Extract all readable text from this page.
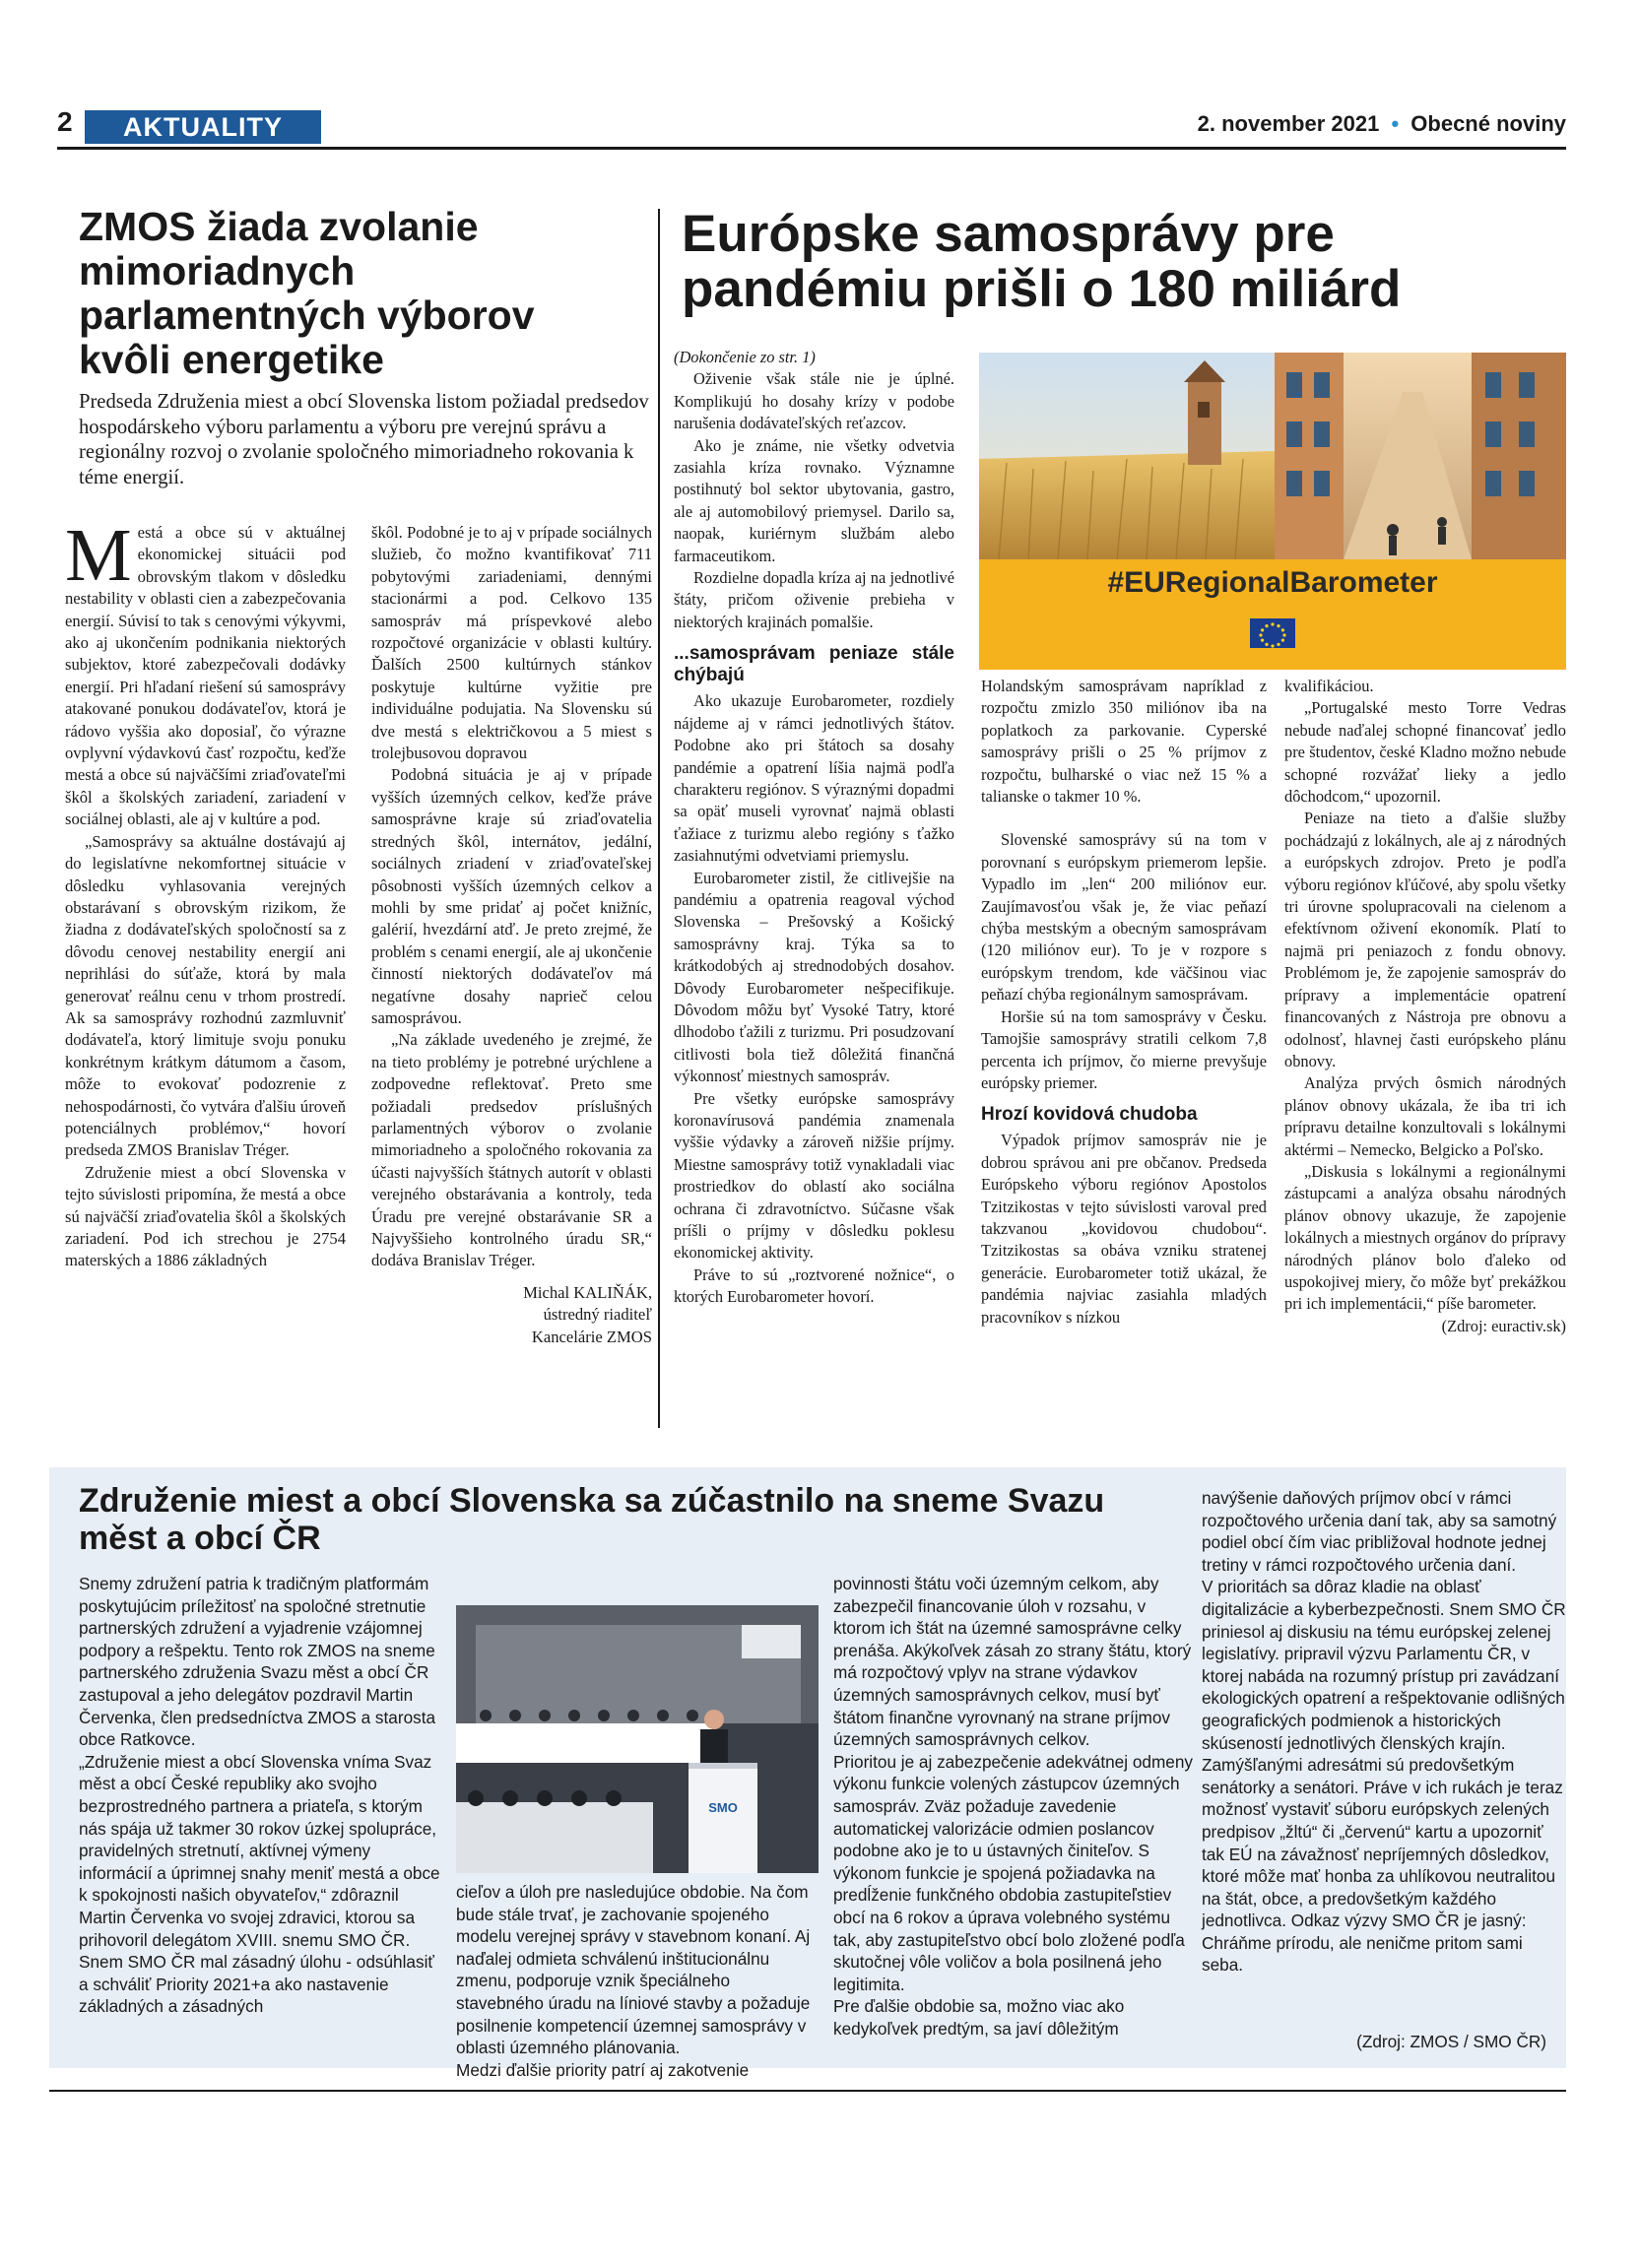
2	AKTUALITY	2. november 2021 • Obecné noviny
ZMOS žiada zvolanie mimoriadnych parlamentných výborov kvôli energetike
Predseda Združenia miest a obcí Slovenska listom požiadal predsedov hospodárskeho výboru parlamentu a výboru pre verejnú správu a regionálny rozvoj o zvolanie spoločného mimoriadneho rokovania k téme energií.
M está a obce sú v aktuálnej ekonomickej situácii pod obrovským tlakom v dôsledku nestability v oblasti cien a zabezpečovania energií. Súvisí to tak s cenovými výkyvmi, ako aj ukončením podnikania niektorých subjektov, ktoré zabezpečovali dodávky energií. Pri hľadaní riešení sú samosprávy atakované ponukou dodávateľov, ktorá je rádovo vyššia ako doposiaľ, čo výrazne ovplyvní výdavkovú časť rozpočtu, keďže mestá a obce sú najväčšími zriaďovateľmi škôl a školských zariadení, zariadení v sociálnej oblasti, ale aj v kultúre a pod.

„Samosprávy sa aktuálne dostávajú aj do legislatívne nekomfortnej situácie v dôsledku vyhlasovania verejných obstarávaní s obrovským rizikom, že žiadna z dodávateľských spoločností sa z dôvodu cenovej nestability energií ani neprihlási do súťaže, ktorá by mala generovať reálnu cenu v trhom prostredí. Ak sa samosprávy rozhodnú zazmluvniť dodávateľa, ktorý limituje svoju ponuku konkrétnym krátkym dátumom a časom, môže to evokovať podozrenie z nehospodárnosti, čo vytvára ďalšiu úroveň potenciálnych problémov,“ hovorí predseda ZMOS Branislav Tréger.

Združenie miest a obcí Slovenska v tejto súvislosti pripomína, že mestá a obce sú najväčší zriaďovatelia škôl a školských zariadení. Pod ich strechou je 2754 materských a 1886 základných

škôl. Podobné je to aj v prípade sociálnych služieb, čo možno kvantifikovať 711 pobytovými zariadeniami, dennými stacionármi a pod. Celkovo 135 samospráv má príspevkové alebo rozpočtové organizácie v oblasti kultúry. Ďalších 2500 kultúrnych stánkov poskytuje kultúrne vyžitie pre individuálne podujatia. Na Slovensku sú dve mestá s električkovou a 5 miest s trolejbusovou dopravou

Podobná situácia je aj v prípade vyšších územných celkov, keďže práve samosprávne kraje sú zriaďovatelia stredných škôl, internátov, jedální, sociálnych zriadení v zriaďovateľskej pôsobnosti vyšších územných celkov a mohli by sme pridať aj počet knižníc, galérií, hvezdární atď. Je preto zrejmé, že problém s cenami energií, ale aj ukončenie činností niektorých dodávateľov má negatívne dosahy naprieč celou samosprávou.

„Na základe uvedeného je zrejmé, že na tieto problémy je potrebné urýchlene a zodpovedne reflektovať. Preto sme požiadali predsedov príslušných parlamentných výborov o zvolanie mimoriadneho a spoločného rokovania za účasti najvyšších štátnych autorít v oblasti verejného obstarávania a kontroly, teda Úradu pre verejné obstarávanie SR a Najvyššieho kontrolného úradu SR,“ dodáva Branislav Tréger.

Michal KALIŇÁK,
ústredný riaditeľ
Kancelárie ZMOS
Európske samosprávy pre pandémiu prišli o 180 miliárd

(Dokončenie zo str. 1)

Oživenie však stále nie je úplné. Komplikujú ho dosahy krízy v podobe narušenia dodávateľských reťazcov.

Ako je známe, nie všetky odvetvia zasiahla kríza rovnako. Významne postihnutý bol sektor ubytovania, gastro, ale aj automobilový priemysel. Darilo sa, naopak, kuriérnym službám alebo farmaceutikom.

Rozdielne dopadla kríza aj na jednotlivé štáty, pričom oživenie prebieha v niektorých krajinách pomalšie.

...samosprávam peniaze stále chýbajú

Ako ukazuje Eurobarometer, rozdiely nájdeme aj v rámci jednotlivých štátov. Podobne ako pri štátoch sa dosahy pandémie a opatrení líšia najmä podľa charakteru regiónov. S výraznými dopadmi sa opäť museli vyrovnať najmä oblasti ťažiace z turizmu alebo regióny s ťažko zasiahnutými odvetviami priemyslu.

Eurobarometer zistil, že citlivejšie na pandémiu a opatrenia reagoval východ Slovenska – Prešovský a Košický samosprávny kraj. Týka sa to krátkodobých aj strednodobých dosahov. Dôvody Eurobarometer nešpecifikuje. Dôvodom môžu byť Vysoké Tatry, ktoré dlhodobo ťažili z turizmu. Pri posudzovaní citlivosti bola tiež dôležitá finančná výkonnosť miestnych samospráv.

Pre všetky európske samosprávy koronavírusová pandémia znamenala vyššie výdavky a zároveň nižšie príjmy. Miestne samosprávy totiž vynakladali viac prostriedkov do oblastí ako sociálna ochrana či zdravotníctvo. Súčasne však príšli o príjmy v dôsledku poklesu ekonomickej aktivity.

Práve to sú „roztvorené nožnice“, o ktorých Eurobarometer hovorí.

#EURegionalBarometer

Holandským samosprávam napríklad z rozpočtu zmizlo 350 miliónov iba na poplatkoch za parkovanie. Cyperské samosprávy prišli o 25 % príjmov z rozpočtu, bulharské o viac než 15 % a talianske o takmer 10 %.

Slovenské samosprávy sú na tom v porovnaní s európskym priemerom lepšie. Vypadlo im „len“ 200 miliónov eur. Zaujímavosťou však je, že viac peňazí chýba mestským a obecným samosprávam (120 miliónov eur). To je v rozpore s európskym trendom, kde väčšinou viac peňazí chýba regionálnym samosprávam.

Horšie sú na tom samosprávy v Česku. Tamojšie samosprávy stratili celkom 7,8 percenta ich príjmov, čo mierne prevyšuje európsky priemer.

Hrozí kovidová chudoba

Výpadok príjmov samospráv nie je dobrou správou ani pre občanov. Predseda Európskeho výboru regiónov Apostolos Tzitzikostas v tejto súvislosti varoval pred takzvanou „kovidovou chudobou“. Tzitzikostas sa obáva vzniku stratenej generácie. Eurobarometer totiž ukázal, že pandémia najviac zasiahla mladých pracovníkov s nízkou

kvalifikáciou.

„Portugalské mesto Torre Vedras nebude naďalej schopné financovať jedlo pre študentov, české Kladno možno nebude schopné rozvážať lieky a jedlo dôchodcom,“ upozornil.

Peniaze na tieto a ďalšie služby pochádzajú z lokálnych, ale aj z národných a európskych zdrojov. Preto je podľa výboru regiónov kľúčové, aby spolu všetky tri úrovne spolupracovali na cielenom a efektívnom oživení ekonomík. Platí to najmä pri peniazoch z fondu obnovy. Problémom je, že zapojenie samospráv do prípravy a implementácie opatrení financovaných z Nástroja pre obnovu a odolnosť, hlavnej časti európskeho plánu obnovy.

Analýza prvých ôsmich národných plánov obnovy ukázala, že iba tri ich prípravu detailne konzultovali s lokálnymi aktérmi – Nemecko, Belgicko a Poľsko.

„Diskusia s lokálnymi a regionálnymi zástupcami a analýza obsahu národných plánov obnovy ukazuje, že zapojenie lokálnych a miestnych orgánov do prípravy národných plánov bolo ďaleko od uspokojivej miery, čo môže byť prekážkou pri ich implementácii,“ píše barometer.

(Zdroj: euractiv.sk)

Združenie miest a obcí Slovenska sa zúčastnilo na sneme Svazu měst a obcí ČR

Snemy združení patria k tradičným platformám poskytujúcim príležitosť na spoločné stretnutie partnerských združení a vyjadrenie vzájomnej podpory a rešpektu. Tento rok ZMOS na sneme partnerského združenia Svazu měst a obcí ČR zastupoval a jeho delegátov pozdravil Martin Červenka, člen predsedníctva ZMOS a starosta obce Ratkovce.

„Združenie miest a obcí Slovenska vníma Svaz měst a obcí České republiky ako svojho bezprostredného partnera a priateľa, s ktorým nás spája už takmer 30 rokov úzkej spolupráce, pravidelných stretnutí, aktívnej výmeny informácií a úprimnej snahy meniť mestá a obce k spokojnosti našich obyvateľov,“ zdôraznil Martin Červenka vo svojej zdravici, ktorou sa prihovoril delegátom XVIII. snemu SMO ČR.

Snem SMO ČR mal zásadný úlohu - odsúhlasiť a schváliť Priority 2021+a ako nastavenie základných a zásadných

SMO

cieľov a úloh pre nasledujúce obdobie. Na čom bude stále trvať, je zachovanie spojeného modelu verejnej správy v stavebnom konaní. Aj naďalej odmieta schválenú inštitucionálnu zmenu, podporuje vznik špeciálneho stavebného úradu na líniové stavby a požaduje posilnenie kompetencií územnej samosprávy v oblasti územného plánovania.

Medzi ďalšie priority patrí aj zakotvenie

povinnosti štátu voči územným celkom, aby zabezpečil financovanie úloh v rozsahu, v ktorom ich štát na územné samosprávne celky prenáša. Akýkoľvek zásah zo strany štátu, ktorý má rozpočtový vplyv na strane výdavkov územných samosprávnych celkov, musí byť štátom finančne vyrovnaný na strane príjmov územných samosprávnych celkov.

Prioritou je aj zabezpečenie adekvátnej odmeny výkonu funkcie volených zástupcov územných samospráv. Zväz požaduje zavedenie automatickej valorizácie odmien poslancov podobne ako je to u ústavných činiteľov. S výkonom funkcie je spojená požiadavka na predĺženie funkčného obdobia zastupiteľstiev obcí na 6 rokov a úprava volebného systému tak, aby zastupiteľstvo obcí bolo zložené podľa skutočnej vôle voličov a bola posilnená jeho legitimita.

Pre ďalšie obdobie sa, možno viac ako kedykoľvek predtým, sa javí dôležitým

navýšenie daňových príjmov obcí v rámci rozpočtového určenia daní tak, aby sa samotný podiel obcí čím viac približoval hodnote jednej tretiny v rámci rozpočtového určenia daní.

V prioritách sa dôraz kladie na oblasť digitalizácie a kyberbezpečnosti. Snem SMO ČR priniesol aj diskusiu na tému európskej zelenej legislatívy. pripravil výzvu Parlamentu ČR, v ktorej nabáda na rozumný prístup pri zavádzaní ekologických opatrení a rešpektovanie odlišných geografických podmienok a historických skúseností jednotlivých členských krajín. Zamýšľanými adresátmi sú predovšetkým senátorky a senátori. Práve v ich rukách je teraz možnosť vystaviť súboru európskych zelených predpisov „žltú“ či „červenú“ kartu a upozorniť tak EÚ na závažnosť nepríjemných dôsledkov, ktoré môže mať honba za uhlíkovou neutralitou na štát, obce, a predovšetkým každého jednotlivca. Odkaz výzvy SMO ČR je jasný: Chráňme prírodu, ale neničme pritom sami seba.

(Zdroj: ZMOS / SMO ČR)
